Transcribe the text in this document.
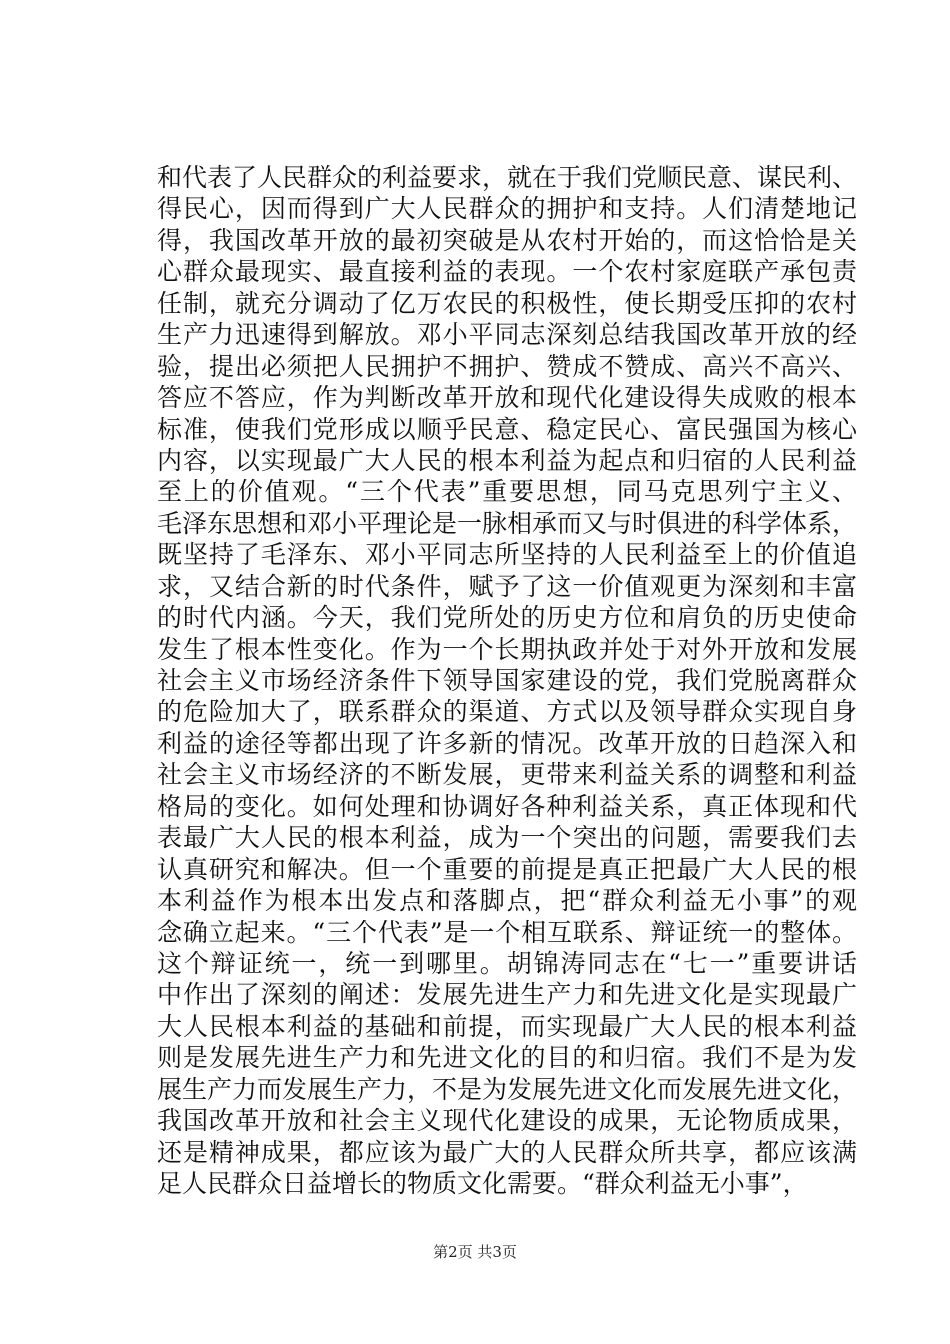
和代表了人民群众的利益要求，就在于我们党顺民意、谋民利、
得民心，因而得到广大人民群众的拥护和支持。人们清楚地记
得，我国改革开放的最初突破是从农村开始的，而这恰恰是关
心群众最现实、最直接利益的表现。一个农村家庭联产承包责
任制，就充分调动了亿万农民的积极性，使长期受压抑的农村
生产力迅速得到解放。邓小平同志深刻总结我国改革开放的经
验，提出必须把人民拥护不拥护、赞成不赞成、高兴不高兴、
答应不答应，作为判断改革开放和现代化建设得失成败的根本
标准，使我们党形成以顺乎民意、稳定民心、富民强国为核心
内容，以实现最广大人民的根本利益为起点和归宿的人民利益
至上的价值观。“三个代表”重要思想，同马克思列宁主义、
毛泽东思想和邓小平理论是一脉相承而又与时俱进的科学体系，
既坚持了毛泽东、邓小平同志所坚持的人民利益至上的价值追
求，又结合新的时代条件，赋予了这一价值观更为深刻和丰富
的时代内涵。今天，我们党所处的历史方位和肩负的历史使命
发生了根本性变化。作为一个长期执政并处于对外开放和发展
社会主义市场经济条件下领导国家建设的党，我们党脱离群众
的危险加大了，联系群众的渠道、方式以及领导群众实现自身
利益的途径等都出现了许多新的情况。改革开放的日趋深入和
社会主义市场经济的不断发展，更带来利益关系的调整和利益
格局的变化。如何处理和协调好各种利益关系，真正体现和代
表最广大人民的根本利益，成为一个突出的问题，需要我们去
认真研究和解决。但一个重要的前提是真正把最广大人民的根
本利益作为根本出发点和落脚点，把“群众利益无小事”的观
念确立起来。“三个代表”是一个相互联系、辩证统一的整体。
这个辩证统一，统一到哪里。胡锦涛同志在“七一”重要讲话
中作出了深刻的阐述：发展先进生产力和先进文化是实现最广
大人民根本利益的基础和前提，而实现最广大人民的根本利益
则是发展先进生产力和先进文化的目的和归宿。我们不是为发
展生产力而发展生产力，不是为发展先进文化而发展先进文化，
我国改革开放和社会主义现代化建设的成果，无论物质成果，
还是精神成果，都应该为最广大的人民群众所共享，都应该满
足人民群众日益增长的物质文化需要。“群众利益无小事”，
第2页 共3页
